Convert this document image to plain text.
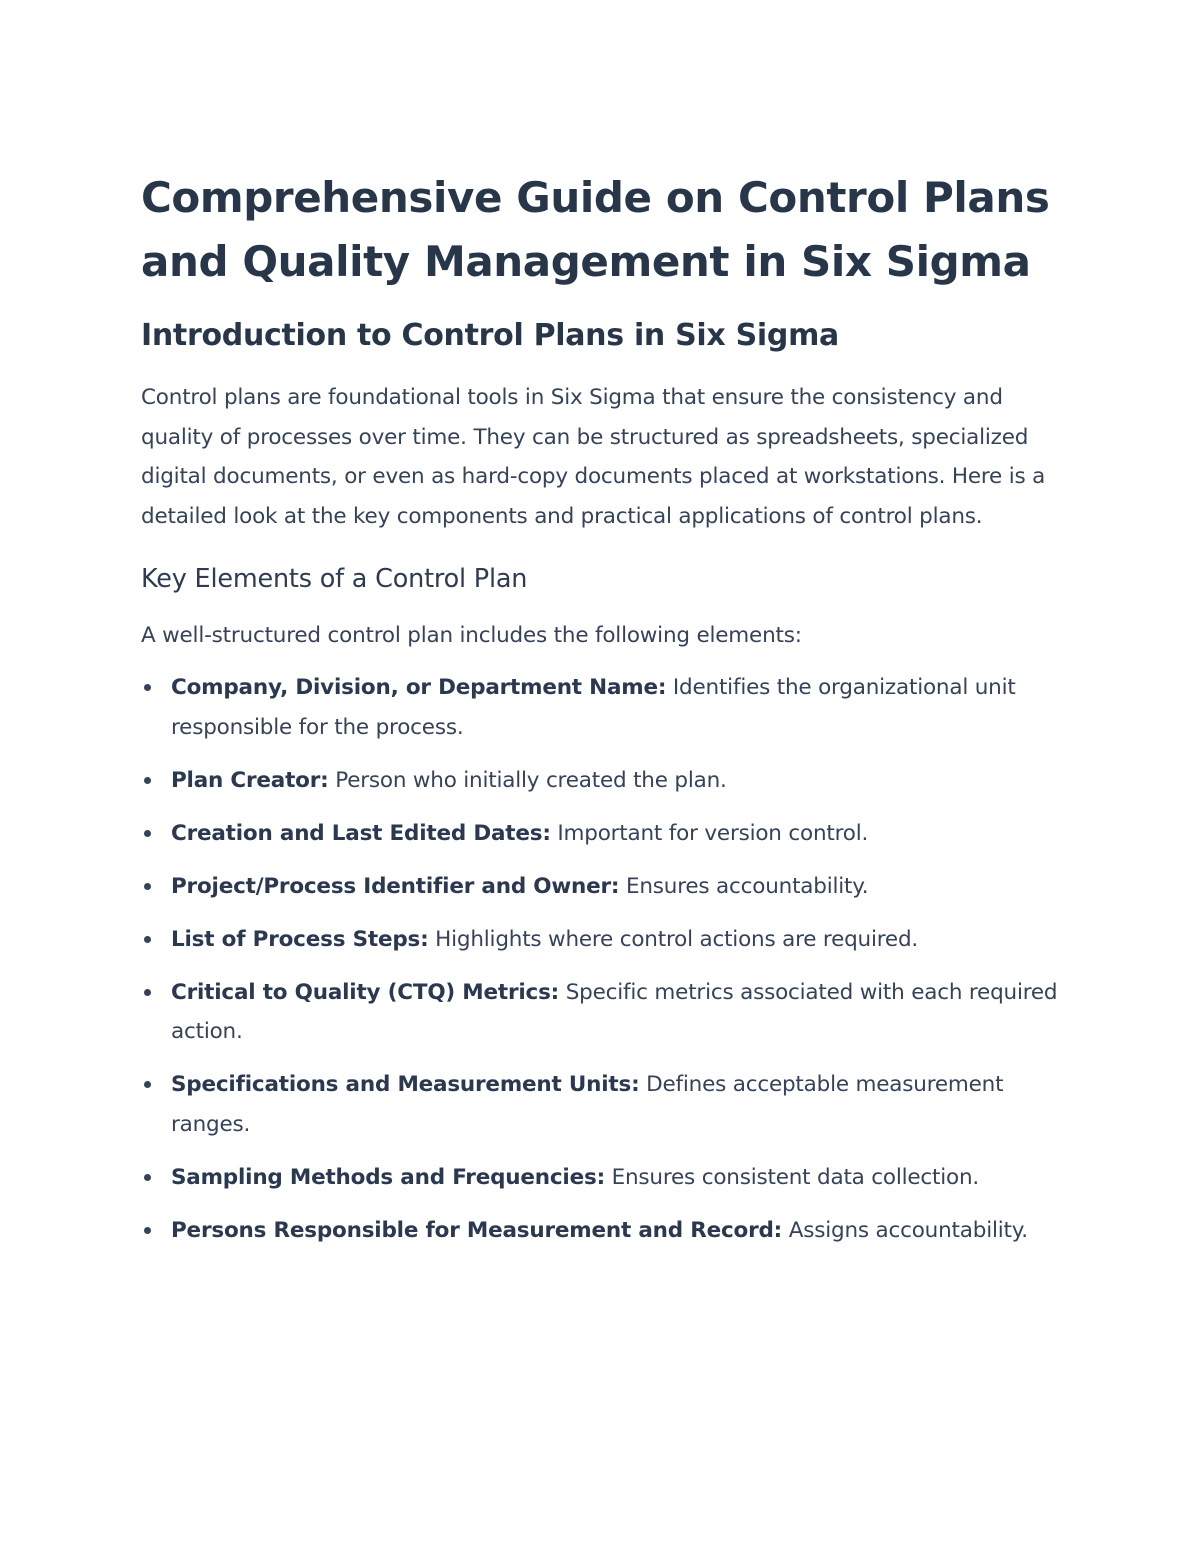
Comprehensive Guide on Control Plans and Quality Management in Six Sigma
Introduction to Control Plans in Six Sigma

Control plans are foundational tools in Six Sigma that ensure the consistency and quality of processes over time. They can be structured as spreadsheets, specialized digital documents, or even as hard-copy documents placed at workstations. Here is a detailed look at the key components and practical applications of control plans.

Key Elements of a Control Plan

A well-structured control plan includes the following elements:

Company, Division, or Department Name: Identifies the organizational unit responsible for the process.
Plan Creator: Person who initially created the plan.
Creation and Last Edited Dates: Important for version control.
Project/Process Identifier and Owner: Ensures accountability.
List of Process Steps: Highlights where control actions are required.
Critical to Quality (CTQ) Metrics: Specific metrics associated with each required action.
Specifications and Measurement Units: Defines acceptable measurement ranges.
Sampling Methods and Frequencies: Ensures consistent data collection.
Persons Responsible for Measurement and Record: Assigns accountability.
